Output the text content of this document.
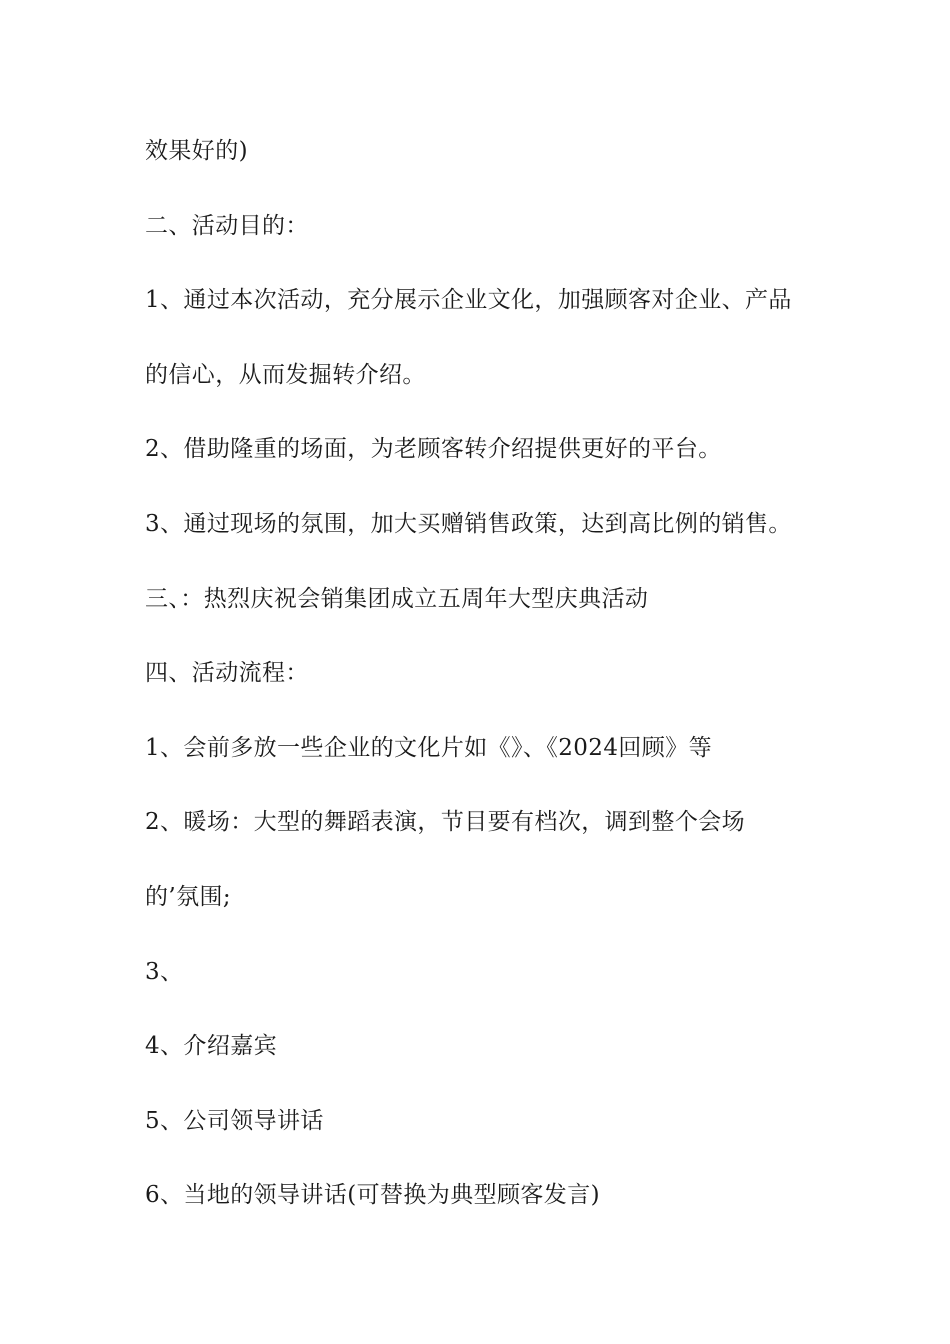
效果好的)
二、活动目的：
1、通过本次活动，充分展示企业文化，加强顾客对企业、产品
的信心，从而发掘转介绍。
2、借助隆重的场面，为老顾客转介绍提供更好的平台。
3、通过现场的氛围，加大买赠销售政策，达到高比例的销售。
三、：热烈庆祝会销集团成立五周年大型庆典活动
四、活动流程：
1、会前多放一些企业的文化片如《》、《2024回顾》等
2、暖场：大型的舞蹈表演，节目要有档次，调到整个会场
的’氛围;
3、
4、介绍嘉宾
5、公司领导讲话
6、当地的领导讲话(可替换为典型顾客发言)
